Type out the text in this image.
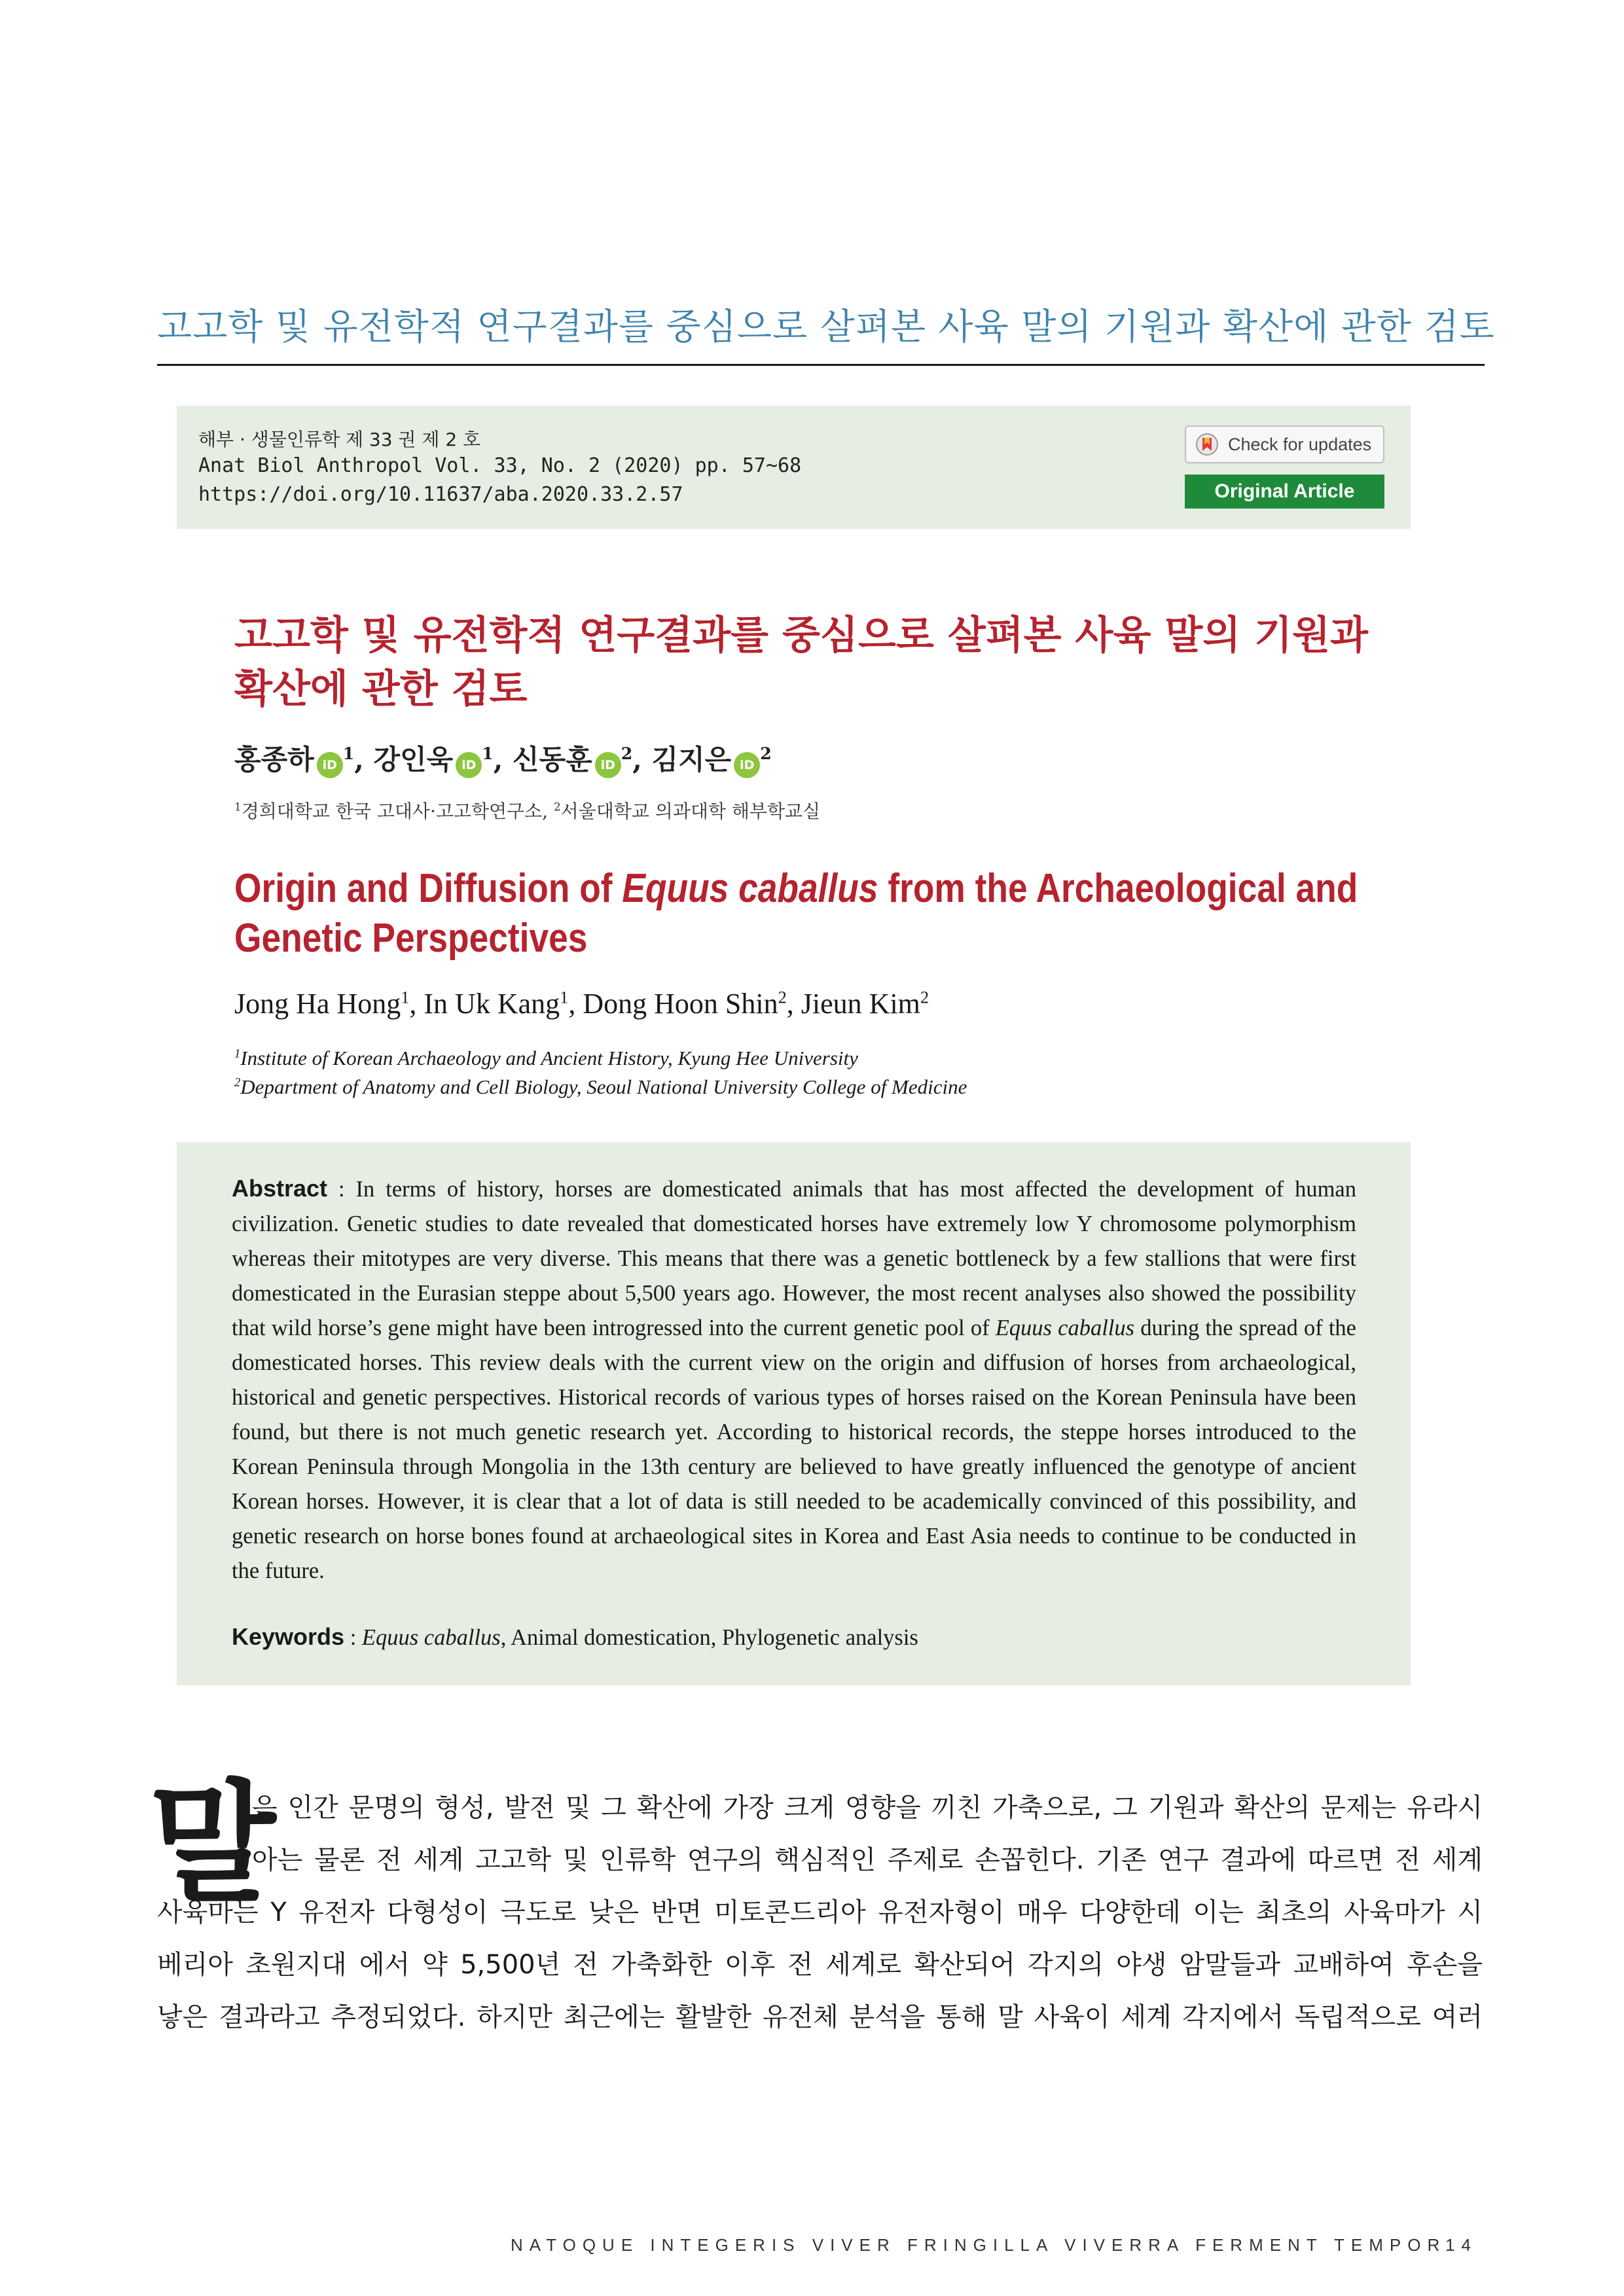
고고학 및 유전학적 연구결과를 중심으로 살펴본 사육 말의 기원과 확산에 관한 검토
해부 · 생물인류학 제 33 권 제 2 호
Anat Biol Anthropol Vol. 33, No. 2 (2020) pp. 57~68
https://doi.org/10.11637/aba.2020.33.2.57
Check for updates
Original Article
고고학 및 유전학적 연구결과를 중심으로 살펴본 사육 말의 기원과
확산에 관한 검토
홍종하 $iD^1$, 강인욱 $iD^1$, 신동훈 $iD^2$, 김지은 $iD^2$
$^1$경희대학교 한국 고대사·고고학연구소, $^2$서울대학교 의과대학 해부학교실
Origin and Diffusion of Equus caballus from the Archaeological and
Genetic Perspectives
Jong Ha Hong$^1$, In Uk Kang$^1$, Dong Hoon Shin$^2$, Jieun Kim$^2$
$^1$Institute of Korean Archaeology and Ancient History, Kyung Hee University
$^2$Department of Anatomy and Cell Biology, Seoul National University College of Medicine
Abstract : In terms of history, horses are domesticated animals that has most affected the development of human civilization. Genetic studies to date revealed that domesticated horses have extremely low Y chromosome polymorphism whereas their mitotypes are very diverse. This means that there was a genetic bottleneck by a few stallions that were first domesticated in the Eurasian steppe about 5,500 years ago. However, the most recent analyses also showed the possibility that wild horse’s gene might have been introgressed into the current genetic pool of Equus caballus during the spread of the domesticated horses. This review deals with the current view on the origin and diffusion of horses from archaeological, historical and genetic perspectives. Historical records of various types of horses raised on the Korean Peninsula have been found, but there is not much genetic research yet. According to historical records, the steppe horses introduced to the Korean Peninsula through Mongolia in the 13th century are believed to have greatly influenced the genotype of ancient Korean horses. However, it is clear that a lot of data is still needed to be academically convinced of this possibility, and genetic research on horse bones found at archaeological sites in Korea and East Asia needs to continue to be conducted in the future.
Keywords : Equus caballus, Animal domestication, Phylogenetic analysis
말
은 인간 문명의 형성, 발전 및 그 확산에 가장 크게 영향을 끼친 가축으로, 그 기원과 확산의 문제는 유라시
아는 물론 전 세계 고고학 및 인류학 연구의 핵심적인 주제로 손꼽힌다. 기존 연구 결과에 따르면 전 세계
사육마는 Y 유전자 다형성이 극도로 낮은 반면 미토콘드리아 유전자형이 매우 다양한데 이는 최초의 사육마가 시
베리아 초원지대 에서 약 5,500년 전 가축화한 이후 전 세계로 확산되어 각지의 야생 암말들과 교배하여 후손을
낳은 결과라고 추정되었다. 하지만 최근에는 활발한 유전체 분석을 통해 말 사육이 세계 각지에서 독립적으로 여러
NATOQUE INTEGERIS VIVER FRINGILLA VIVERRA FERMENT TEMPOR
14
